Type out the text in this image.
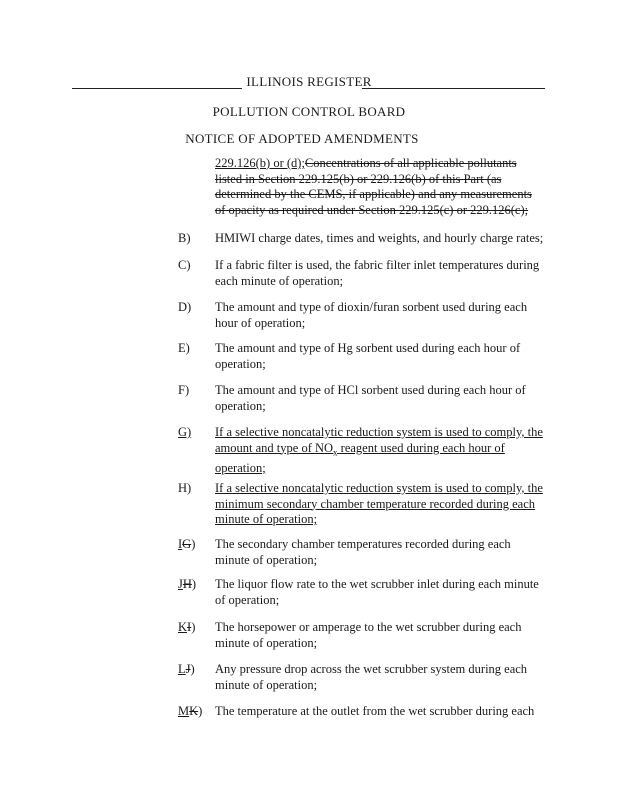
ILLINOIS REGISTER
POLLUTION CONTROL BOARD
NOTICE OF ADOPTED AMENDMENTS
229.126(b) or (d);Concentrations of all applicable pollutants listed in Section 229.125(b) or 229.126(b) of this Part (as determined by the CEMS, if applicable) and any measurements of opacity as required under Section 229.125(c) or 229.126(c);
B)	HMIWI charge dates, times and weights, and hourly charge rates;
C)	If a fabric filter is used, the fabric filter inlet temperatures during each minute of operation;
D)	The amount and type of dioxin/furan sorbent used during each hour of operation;
E)	The amount and type of Hg sorbent used during each hour of operation;
F)	The amount and type of HCl sorbent used during each hour of operation;
G)	If a selective noncatalytic reduction system is used to comply, the amount and type of $NO_x$ reagent used during each hour of operation;
H)	If a selective noncatalytic reduction system is used to comply, the minimum secondary chamber temperature recorded during each minute of operation;
IG)	The secondary chamber temperatures recorded during each minute of operation;
JH)	The liquor flow rate to the wet scrubber inlet during each minute of operation;
KI)	The horsepower or amperage to the wet scrubber during each minute of operation;
LJ)	Any pressure drop across the wet scrubber system during each minute of operation;
MK)	The temperature at the outlet from the wet scrubber during each
